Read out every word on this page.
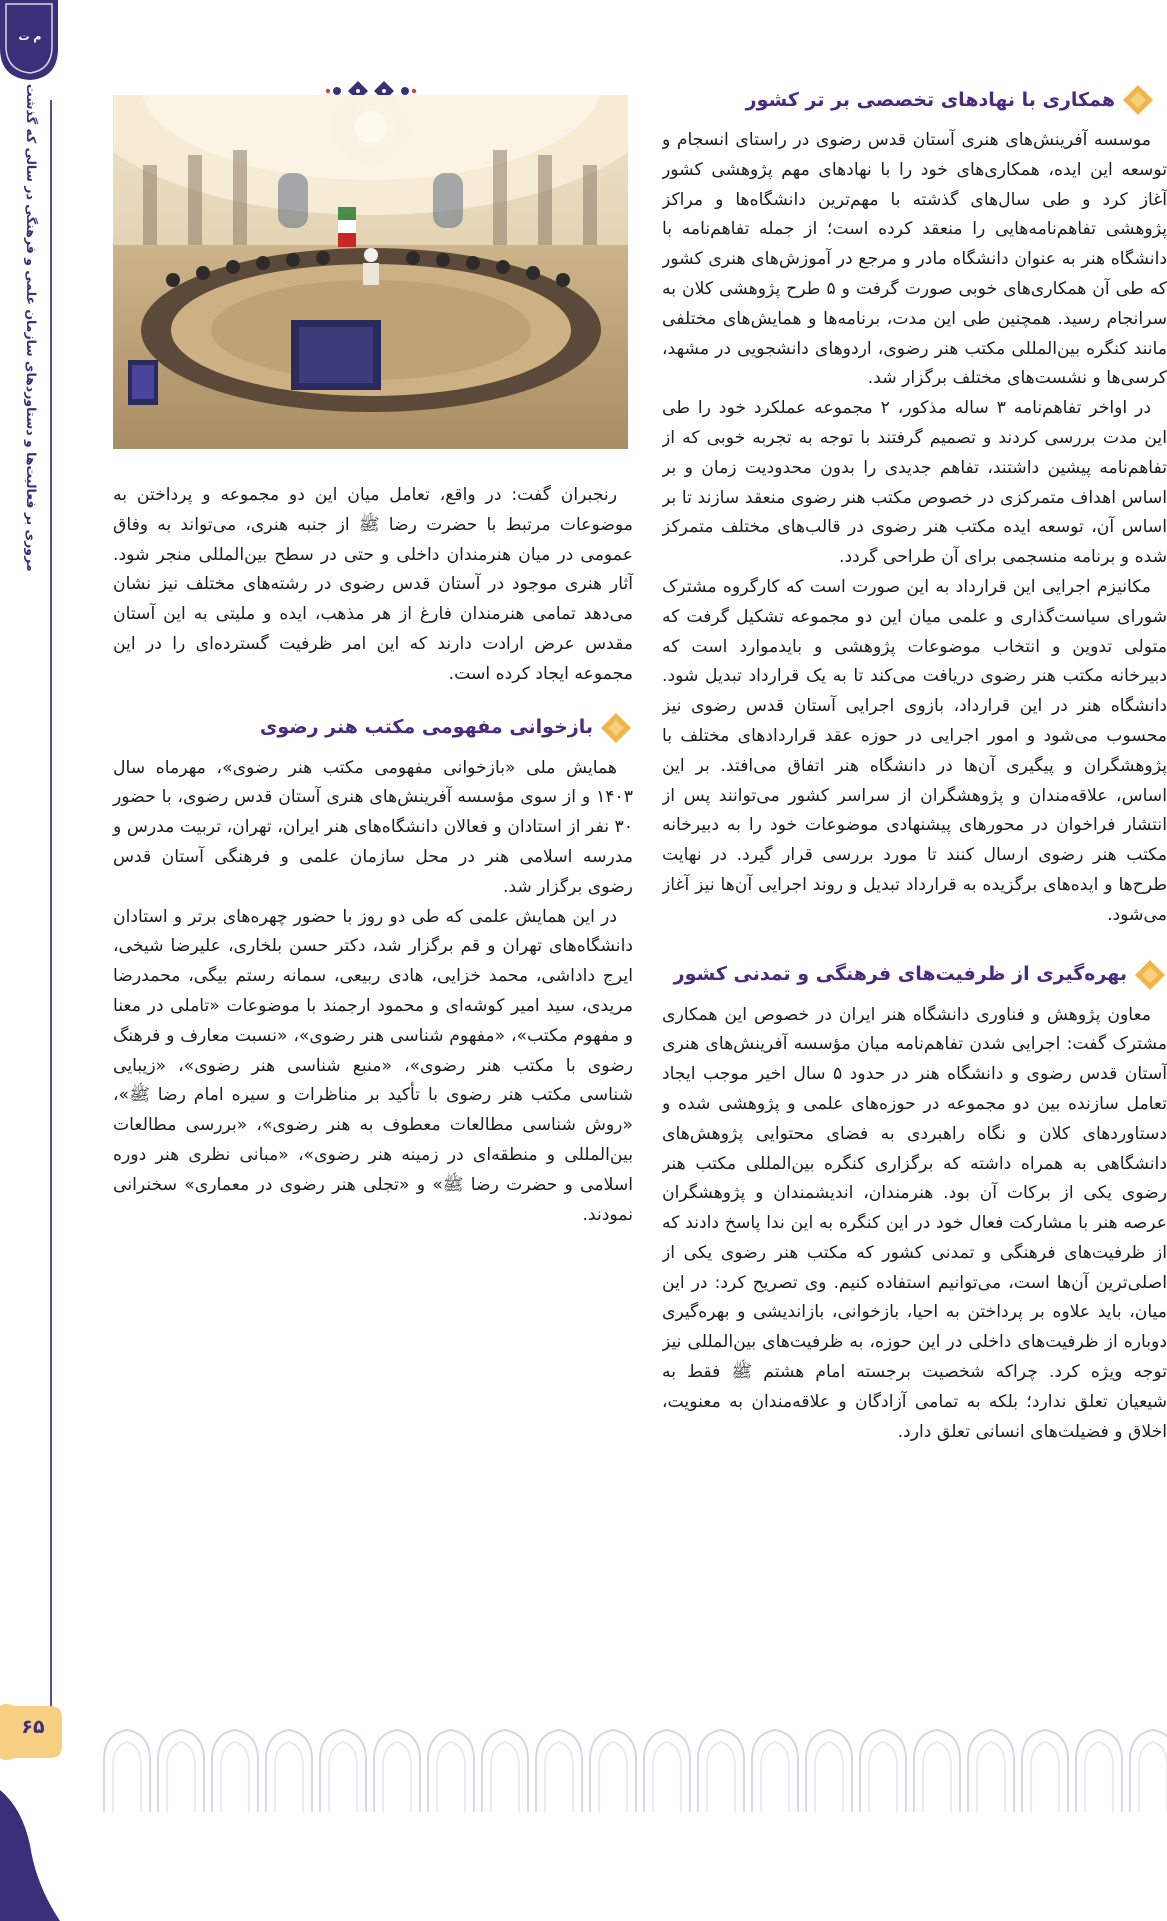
م ت
مروری بر فعالیت‌ها و دستاوردهای سازمان علمی و فرهنگی در سالی که گذشت
۶۵
همکاری با نهادهای تخصصی بر تر کشور

موسسه آفرینش‌های هنری آستان قدس رضوی در راستای انسجام و توسعه این ایده، همکاری‌های خود را با نهادهای مهم پژوهشی کشور آغاز کرد و طی سال‌های گذشته با مهم‌ترین دانشگاه‌ها و مراکز پژوهشی تفاهم‌نامه‌هایی را منعقد کرده است؛ از جمله تفاهم‌نامه با دانشگاه هنر به عنوان دانشگاه مادر و مرجع در آموزش‌های هنری کشور که طی آن همکاری‌های خوبی صورت گرفت و ۵ طرح پژوهشی کلان به سرانجام رسید. همچنین طی این مدت، برنامه‌ها و همایش‌های مختلفی مانند کنگره بین‌المللی مکتب هنر رضوی، اردوهای دانشجویی در مشهد، کرسی‌ها و نشست‌های مختلف برگزار شد.

در اواخر تفاهم‌نامه ۳ ساله مذکور، ۲ مجموعه عملکرد خود را طی این مدت بررسی کردند و تصمیم گرفتند با توجه به تجربه خوبی که از تفاهم‌نامه پیشین داشتند، تفاهم جدیدی را بدون محدودیت زمان و بر اساس اهداف متمرکزی در خصوص مکتب هنر رضوی منعقد سازند تا بر اساس آن، توسعه ایده مکتب هنر رضوی در قالب‌های مختلف متمرکز شده و برنامه منسجمی برای آن طراحی گردد.

مکانیزم اجرایی این قرارداد به این صورت است که کارگروه مشترک شورای سیاست‌گذاری و علمی میان این دو مجموعه تشکیل گرفت که متولی تدوین و انتخاب موضوعات پژوهشی و بایدموارد است که دبیرخانه مکتب هنر رضوی دریافت می‌کند تا به یک قرارداد تبدیل شود. دانشگاه هنر در این قرارداد، بازوی اجرایی آستان قدس رضوی نیز محسوب می‌شود و امور اجرایی در حوزه عقد قراردادهای مختلف با پژوهشگران و پیگیری آن‌ها در دانشگاه هنر اتفاق می‌افتد. بر این اساس، علاقه‌مندان و پژوهشگران از سراسر کشور می‌توانند پس از انتشار فراخوان در محورهای پیشنهادی موضوعات خود را به دبیرخانه مکتب هنر رضوی ارسال کنند تا مورد بررسی قرار گیرد. در نهایت طرح‌ها و ایده‌های برگزیده به قرارداد تبدیل و روند اجرایی آن‌ها نیز آغاز می‌شود.

بهره‌گیری از ظرفیت‌های فرهنگی و تمدنی کشور

معاون پژوهش و فناوری دانشگاه هنر ایران در خصوص این همکاری مشترک گفت: اجرایی شدن تفاهم‌نامه میان مؤسسه آفرینش‌های هنری آستان قدس رضوی و دانشگاه هنر در حدود ۵ سال اخیر موجب ایجاد تعامل سازنده بین دو مجموعه در حوزه‌های علمی و پژوهشی شده و دستاوردهای کلان و نگاه راهبردی به فضای محتوایی پژوهش‌های دانشگاهی به همراه داشته که برگزاری کنگره بین‌المللی مکتب هنر رضوی یکی از برکات آن بود. هنرمندان، اندیشمندان و پژوهشگران عرصه هنر با مشارکت فعال خود در این کنگره به این ندا پاسخ دادند که از ظرفیت‌های فرهنگی و تمدنی کشور که مکتب هنر رضوی یکی از اصلی‌ترین آن‌ها است، می‌توانیم استفاده کنیم. وی تصریح کرد: در این میان، باید علاوه بر پرداختن به احیا، بازخوانی، بازاندیشی و بهره‌گیری دوباره از ظرفیت‌های داخلی در این حوزه، به ظرفیت‌های بین‌المللی نیز توجه ویژه کرد. چراکه شخصیت برجسته امام هشتم ﷺ فقط به شیعیان تعلق ندارد؛ بلکه به تمامی آزادگان و علاقه‌مندان به معنویت، اخلاق و فضیلت‌های انسانی تعلق دارد.

رنجبران گفت: در واقع، تعامل میان این دو مجموعه و پرداختن به موضوعات مرتبط با حضرت رضا ﷺ از جنبه هنری، می‌تواند به وفاق عمومی در میان هنرمندان داخلی و حتی در سطح بین‌المللی منجر شود. آثار هنری موجود در آستان قدس رضوی در رشته‌های مختلف نیز نشان می‌دهد تمامی هنرمندان فارغ از هر مذهب، ایده و ملیتی به این آستان مقدس عرض ارادت دارند که این امر ظرفیت گسترده‌ای را در این مجموعه ایجاد کرده است.

بازخوانی مفهومی مکتب هنر رضوی

همایش ملی «بازخوانی مفهومی مکتب هنر رضوی»، مهرماه سال ۱۴۰۳ و از سوی مؤسسه آفرینش‌های هنری آستان قدس رضوی، با حضور ۳۰ نفر از استادان و فعالان دانشگاه‌های هنر ایران، تهران، تربیت مدرس و مدرسه اسلامی هنر در محل سازمان علمی و فرهنگی آستان قدس رضوی برگزار شد.

در این همایش علمی که طی دو روز با حضور چهره‌های برتر و استادان دانشگاه‌های تهران و قم برگزار شد، دکتر حسن بلخاری، علیرضا شیخی، ایرج داداشی، محمد خزایی، هادی ربیعی، سمانه رستم بیگی، محمدرضا مریدی، سید امیر کوشه‌ای و محمود ارجمند با موضوعات «تاملی در معنا و مفهوم مکتب»، «مفهوم شناسی هنر رضوی»، «نسبت معارف و فرهنگ رضوی با مکتب هنر رضوی»، «منبع شناسی هنر رضوی»، «زیبایی شناسی مکتب هنر رضوی با تأکید بر مناظرات و سیره امام رضا ﷺ»، «روش شناسی مطالعات معطوف به هنر رضوی»، «بررسی مطالعات بین‌المللی و منطقه‌ای در زمینه هنر رضوی»، «مبانی نظری هنر دوره اسلامی و حضرت رضا ﷺ» و «تجلی هنر رضوی در معماری» سخنرانی نمودند.
